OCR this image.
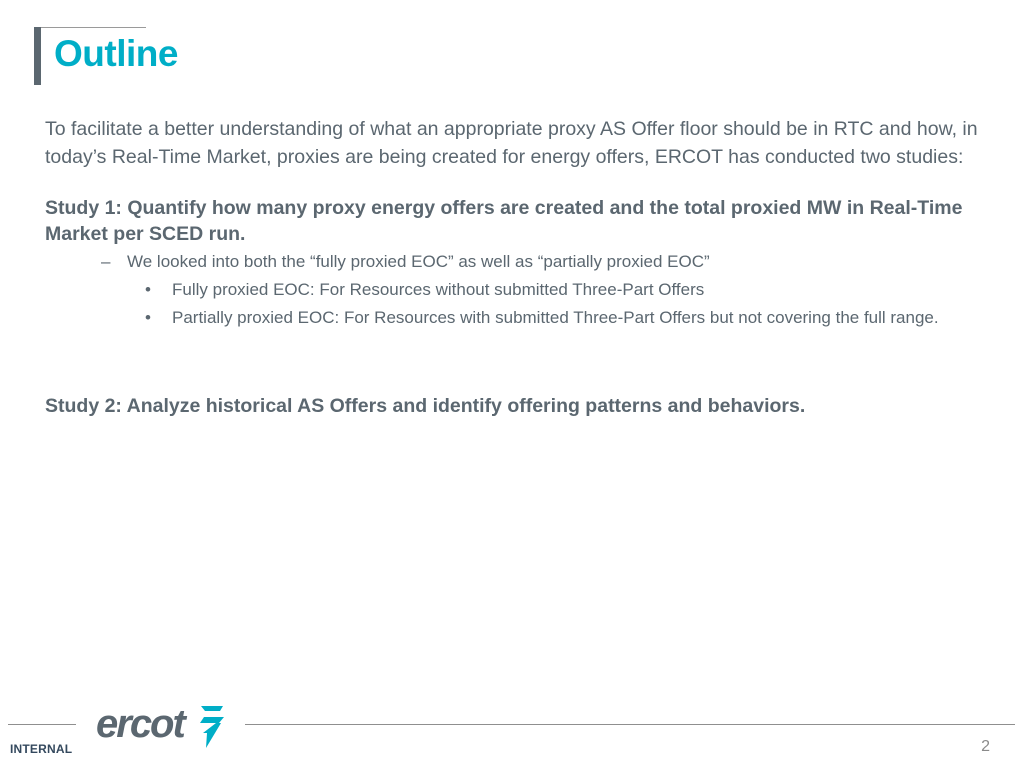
Outline

To facilitate a better understanding of what an appropriate proxy AS Offer floor should be in RTC and how, in today’s Real-Time Market, proxies are being created for energy offers, ERCOT has conducted two studies:

Study 1: Quantify how many proxy energy offers are created and the total proxied MW in Real-Time Market per SCED run.

– We looked into both the “fully proxied EOC” as well as “partially proxied EOC”
• Fully proxied EOC: For Resources without submitted Three-Part Offers
• Partially proxied EOC: For Resources with submitted Three-Part Offers but not covering the full range.

Study 2: Analyze historical AS Offers and identify offering patterns and behaviors.

ercot
INTERNAL	2
